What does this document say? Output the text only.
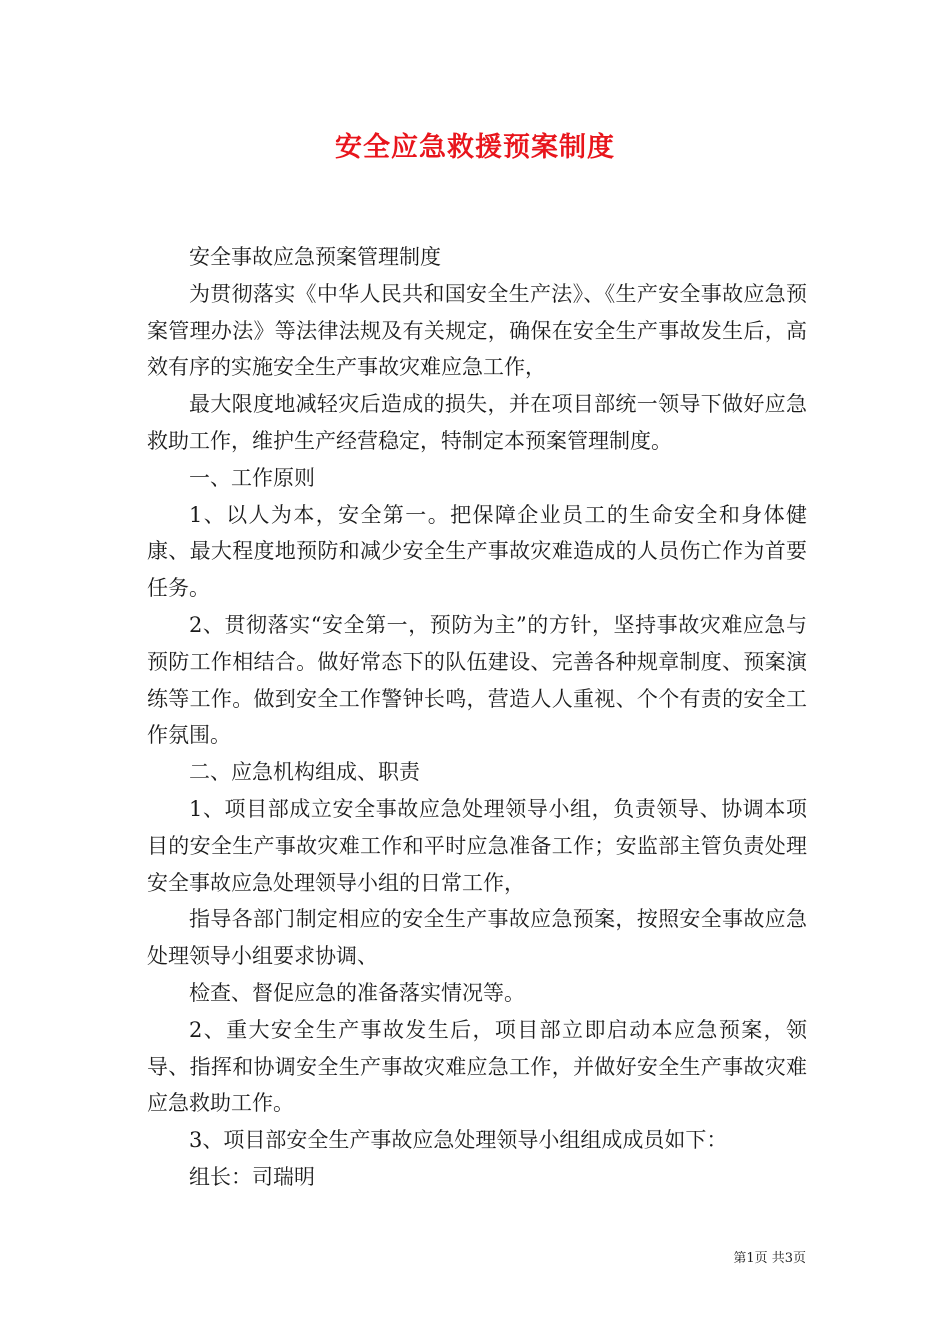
安全应急救援预案制度

安全事故应急预案管理制度

为贯彻落实《中华人民共和国安全生产法》、《生产安全事故应急预案管理办法》等法律法规及有关规定，确保在安全生产事故发生后，高效有序的实施安全生产事故灾难应急工作，

最大限度地减轻灾后造成的损失，并在项目部统一领导下做好应急救助工作，维护生产经营稳定，特制定本预案管理制度。

一、工作原则

1、以人为本，安全第一。把保障企业员工的生命安全和身体健康、最大程度地预防和减少安全生产事故灾难造成的人员伤亡作为首要任务。

2、贯彻落实“安全第一，预防为主”的方针，坚持事故灾难应急与预防工作相结合。做好常态下的队伍建设、完善各种规章制度、预案演练等工作。做到安全工作警钟长鸣，营造人人重视、个个有责的安全工作氛围。

二、应急机构组成、职责

1、项目部成立安全事故应急处理领导小组，负责领导、协调本项目的安全生产事故灾难工作和平时应急准备工作；安监部主管负责处理安全事故应急处理领导小组的日常工作，

指导各部门制定相应的安全生产事故应急预案，按照安全事故应急处理领导小组要求协调、

检查、督促应急的准备落实情况等。

2、重大安全生产事故发生后，项目部立即启动本应急预案，领导、指挥和协调安全生产事故灾难应急工作，并做好安全生产事故灾难应急救助工作。

3、项目部安全生产事故应急处理领导小组组成成员如下：

组长：司瑞明

第1页 共3页
